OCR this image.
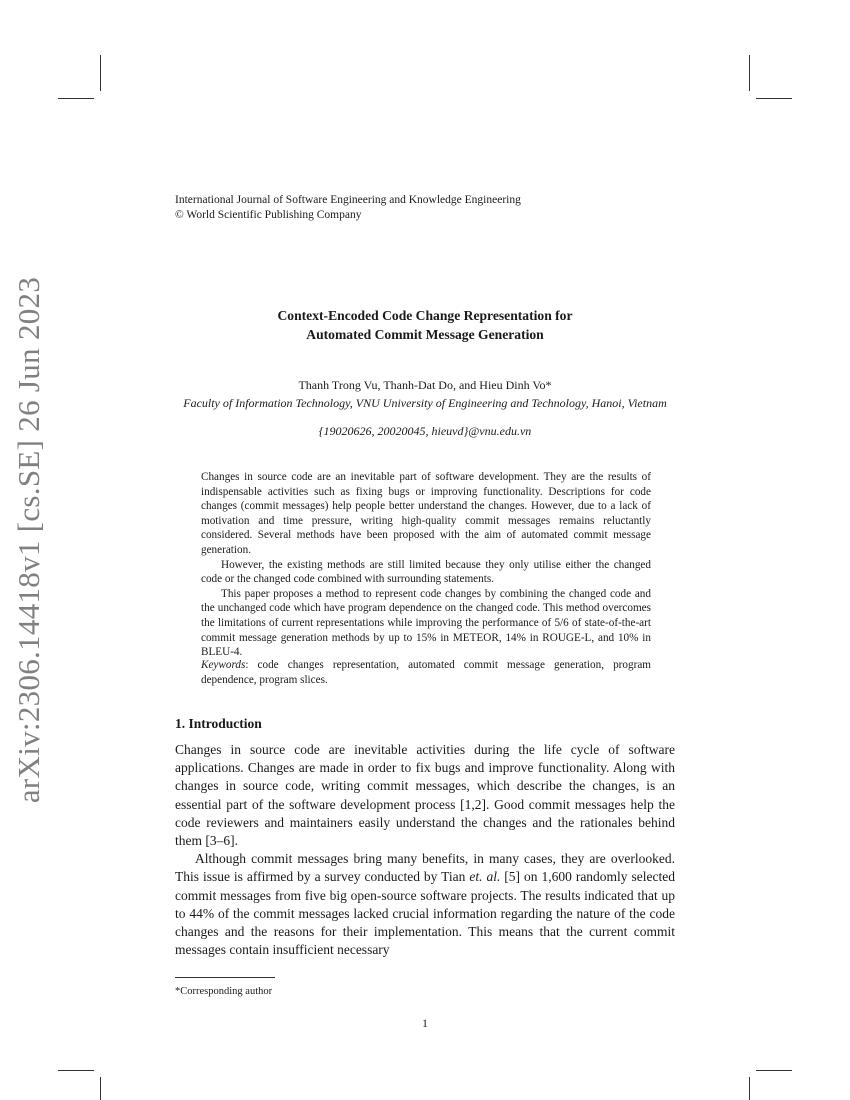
arXiv:2306.14418v1 [cs.SE] 26 Jun 2023
International Journal of Software Engineering and Knowledge Engineering
© World Scientific Publishing Company
Context-Encoded Code Change Representation for
Automated Commit Message Generation
Thanh Trong Vu, Thanh-Dat Do, and Hieu Dinh Vo*
Faculty of Information Technology, VNU University of Engineering and Technology, Hanoi, Vietnam
{19020626, 20020045, hieuvd}@vnu.edu.vn

Changes in source code are an inevitable part of software development. They are the results of indispensable activities such as fixing bugs or improving functionality. Descriptions for code changes (commit messages) help people better understand the changes. However, due to a lack of motivation and time pressure, writing high-quality commit messages remains reluctantly considered. Several methods have been proposed with the aim of automated commit message generation.

However, the existing methods are still limited because they only utilise either the changed code or the changed code combined with surrounding statements.

This paper proposes a method to represent code changes by combining the changed code and the unchanged code which have program dependence on the changed code. This method overcomes the limitations of current representations while improving the performance of 5/6 of state-of-the-art commit message generation methods by up to 15% in METEOR, 14% in ROUGE-L, and 10% in BLEU-4.

Keywords: code changes representation, automated commit message generation, program dependence, program slices.
1. Introduction

Changes in source code are inevitable activities during the life cycle of software applications. Changes are made in order to fix bugs and improve functionality. Along with changes in source code, writing commit messages, which describe the changes, is an essential part of the software development process [1,2]. Good commit messages help the code reviewers and maintainers easily understand the changes and the rationales behind them [3–6].

Although commit messages bring many benefits, in many cases, they are overlooked. This issue is affirmed by a survey conducted by Tian et. al. [5] on 1,600 randomly selected commit messages from five big open-source software projects. The results indicated that up to 44% of the commit messages lacked crucial information regarding the nature of the code changes and the reasons for their implementation. This means that the current commit messages contain insufficient necessary

*Corresponding author
1
